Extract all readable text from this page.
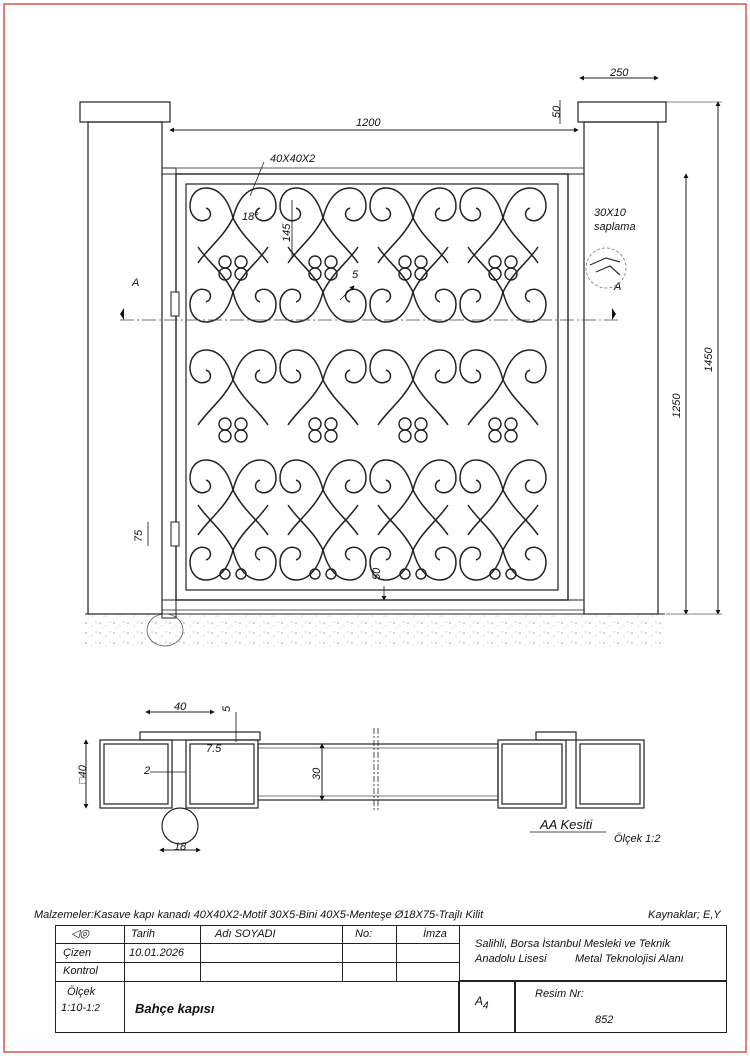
250
50
1200
40X40X2
18°
145
5
30X10
saplama
A	A
1450
1250
75
50
40	5
7.5
□40	2	30
18
AA Kesiti
Ölçek 1:2
Malzemeler:Kasave kapı kanadı 40X40X2-Motif 30X5-Bini 40X5-Menteşe Ø18X75-Trajlı Kilit	Kaynaklar; E,Y
◁◎	Tarih	Adı SOYADI	No:	İmza
Çizen	10.01.2026
Kontrol
Ölçek
1:10-1:2	Bahçe kapısı
Salihli, Borsa İstanbul Mesleki ve Teknik
Anadolu Lisesi	Metal Teknolojisi Alanı
$A_4$
Resim Nr:
852
